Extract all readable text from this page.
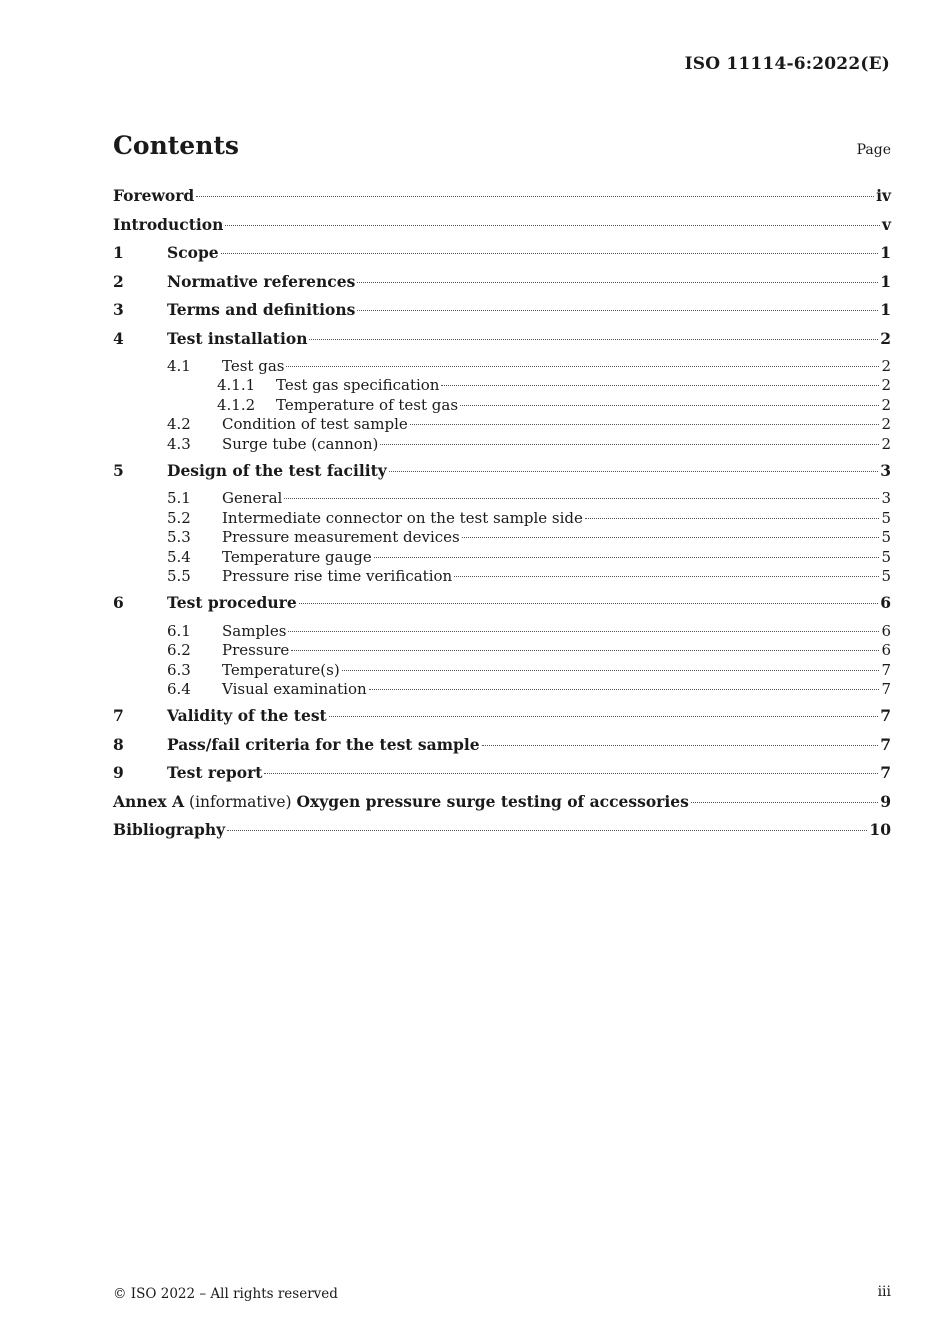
ISO 11114-6:2022(E)
Contents	Page
Foreword	iv
Introduction	v
1	Scope	1
2	Normative references	1
3	Terms and definitions	1
4	Test installation	2
4.1	Test gas	2
4.1.1	Test gas specification	2
4.1.2	Temperature of test gas	2
4.2	Condition of test sample	2
4.3	Surge tube (cannon)	2
5	Design of the test facility	3
5.1	General	3
5.2	Intermediate connector on the test sample side	5
5.3	Pressure measurement devices	5
5.4	Temperature gauge	5
5.5	Pressure rise time verification	5
6	Test procedure	6
6.1	Samples	6
6.2	Pressure	6
6.3	Temperature(s)	7
6.4	Visual examination	7
7	Validity of the test	7
8	Pass/fail criteria for the test sample	7
9	Test report	7
Annex A (informative) Oxygen pressure surge testing of accessories	9
Bibliography	10
© ISO 2022 – All rights reserved	iii
